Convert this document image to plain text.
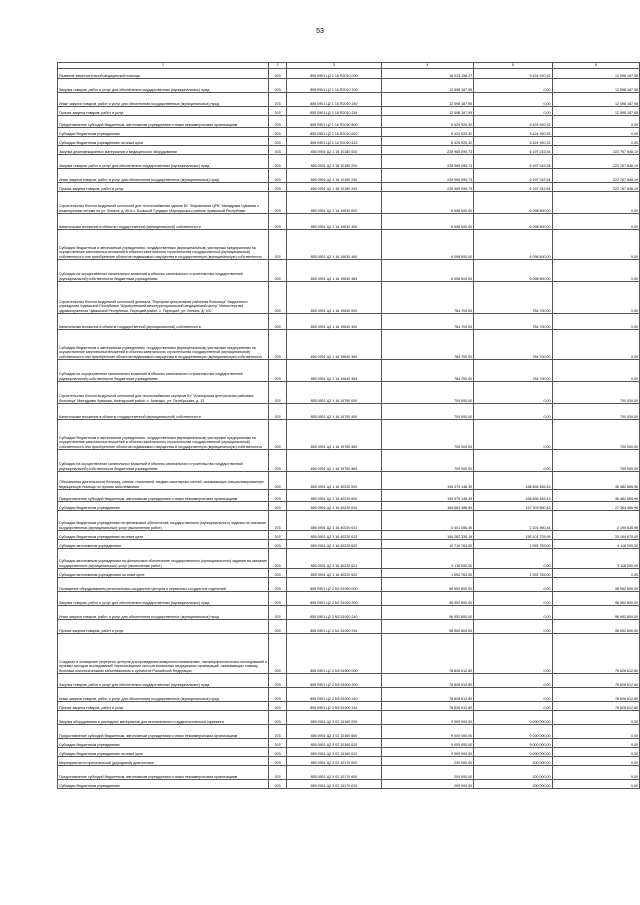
53
1	2	3	4	5	6
Развитие заместительной медицинской помощи	203	855 0901 Ц2 1 16 R2010 000	18 023 158,27	5 424 920,32	12 598 187,95
Закупка товаров, работ и услуг для обеспечения государственных (муниципальных) нужд	203	855 0901 Ц2 1 16 R2010 200	12 598 187,95	0,00	12 598 187,95
Иные закупки товаров, работ и услуг для обеспечения государственных (муниципальных) нужд	203	855 0901 Ц2 1 16 R2010 240	12 598 187,95	0,00	12 598 187,95
Прочая закупка товаров, работ и услуг	203	855 0901 Ц2 1 16 R2010 244	12 598 187,95	0,00	12 598 187,95
Предоставление субсидий бюджетным, автономным учреждениям и иным некоммерческим организациям	203	855 0901 Ц2 1 16 R2010 600	5 424 920,32	5 424 920,32	0,00
Субсидии бюджетным учреждениям	203	855 0901 Ц2 1 16 R2010 610	5 424 920,32	5 424 920,32	0,00
Субсидии бюджетным учреждениям на иные цели	203	855 0901 Ц2 1 16 R2010 612	5 424 920,32	5 424 920,32	0,00
Закупка дезинфекционных материалов и медицинского оборудования	203	855 0901 Ц2 1 16 10180 000	228 965 090,73	6 197 242,54	222 767 848,19
Закупка товаров, работ и услуг для обеспечения государственных (муниципальных) нужд	203	855 0901 Ц2 1 16 10180 200	228 965 090,73	6 197 242,54	222 767 848,19
Иные закупки товаров, работ и услуг для обеспечения государственных (муниципальных) нужд	203	855 0901 Ц2 1 16 10180 240	228 965 090,73	6 197 242,54	222 767 848,19
Прочая закупка товаров, работ и услуг	203	855 0901 Ц2 1 16 10180 244	228 965 090,73	6 197 242,54	222 767 848,19
Строительство блочно-модульной котельной для теплоснабжения здания БУ "Мариинская ЦРБ" Минздрава Чувашии с инженерными сетями по ул. Ленина, д. 85 в с. Большой Сундырь Моргаушского района Чувашской Республики	203	855 0901 Ц2 1 16 19630 000	6 098 500,00	6 098 500,00	0,00
Капитальные вложения в объекты государственной (муниципальной) собственности	203	855 0901 Ц2 1 16 19630 400	6 098 500,00	6 098 500,00	0,00
Субсидии бюджетным и автономным учреждениям, государственным (муниципальным) унитарным предприятиям на осуществление капитальных вложений в объекты капитального строительства государственной (муниципальной) собственности или приобретение объектов недвижимого имущества в государственную (муниципальную) собственность	203	855 0901 Ц2 1 16 19630 460	6 098 500,00	6 098 500,00	0,00
Субсидии на осуществление капитальных вложений в объекты капитального строительства государственной (муниципальной) собственности бюджетным учреждениям	203	855 0901 Ц2 1 16 19630 464	6 098 500,00	6 098 500,00	0,00
Строительство блочно-модульной котельной филиала "Порецкая центральная районная больница" бюджетного учреждения Чувашской Республики "Шумерлинский межтерриториальный медицинский центр" Министерства здравоохранения Чувашской Республики, Порецкий район, с. Порецкое, ул. Ленина, д. 100	203	855 0901 Ц2 1 16 19640 000	784 700,00	784 700,00	0,00
Капитальные вложения в объекты государственной (муниципальной) собственности	203	855 0901 Ц2 1 16 19640 400	784 700,00	784 700,00	0,00
Субсидии бюджетным и автономным учреждениям, государственным (муниципальным) унитарным предприятиям на осуществление капитальных вложений в объекты капитального строительства государственной (муниципальной) собственности или приобретение объектов недвижимого имущества в государственную (муниципальную) собственность	203	855 0901 Ц2 1 16 19640 460	784 700,00	784 700,00	0,00
Субсидии на осуществление капитальных вложений в объекты капитального строительства государственной (муниципальной) собственности бюджетным учреждениям	203	855 0901 Ц2 1 16 19640 464	784 700,00	784 700,00	0,00
Строительство блочно-модульной котельной для теплоснабжения корпусов БУ "Алатырская центральная районная больница" Минздрава Чувашии, Алатырский район, с. Алатырь, ул. Октябрьская, д. 12	203	855 0901 Ц2 1 16 19750 000	700 000,00	0,00	700 000,00
Капитальные вложения в объекты государственной (муниципальной) собственности	203	855 0901 Ц2 1 16 19750 400	700 000,00	0,00	700 000,00
Субсидии бюджетным и автономным учреждениям, государственным (муниципальным) унитарным предприятиям на осуществление капитальных вложений в объекты капитального строительства государственной (муниципальной) собственности или приобретение объектов недвижимого имущества в государственную (муниципальную) собственность	203	855 0901 Ц2 1 16 19750 460	700 000,00	0,00	700 000,00
Субсидии на осуществление капитальных вложений в объекты капитального строительства государственной (муниципальной) собственности бюджетным учреждениям	203	855 0901 Ц2 1 16 19750 464	700 000,00	0,00	700 000,00
Обеспечение деятельности больниц, клиник, госпиталей, медико-санитарных частей, оказывающих специализированную медицинскую помощь по прочим заболеваниям	203	855 0901 Ц2 1 16 40220 000	195 379 148,39	158 896 483,43	36 482 665,96
Предоставление субсидий бюджетным, автономным учреждениям и иным некоммерческим организациям	203	855 0901 Ц2 1 16 40220 600	195 379 148,39	158 896 483,43	36 482 665,96
Субсидии бюджетным учреждениям	203	855 0901 Ц2 1 16 40220 610	184 663 386,59	157 303 560,43	27 364 466,96
Субсидии бюджетным учреждениям на финансовое обеспечение государственного (муниципального) задания на оказание государственных (муниципальных) услуг (выполнение работ)	203	855 0901 Ц2 1 16 40220 611	4 401 056,40	2 201 960,44	2 199 635,96
Субсидии бюджетным учреждениям на иные цели	203	855 0901 Ц2 1 16 40220 612	180 262 330,19	155 101 729,99	25 164 670,00
Субсидии автономным учреждениям	203	855 0901 Ц2 1 16 40220 620	10 710 763,00	1 592 763,00	9 118 000,00
Субсидии автономным учреждениям на финансовое обеспечение государственного (муниципального) задания на оказание государственных (муниципальных) услуг (выполнение работ)	203	855 0901 Ц2 1 16 40220 621	9 118 000,00	0,00	9 118 000,00
Субсидии автономным учреждениям на иные цели	203	855 0901 Ц2 1 16 40220 622	1 592 763,00	1 592 763,00	0,00
Оснащение оборудованием региональных сосудистых центров и первичных сосудистых отделений	203	855 0901 Ц2 2 N2 51920 000	96 952 800,00	0,00	96 952 800,00
Закупка товаров, работ и услуг для обеспечения государственных (муниципальных) нужд	203	855 0901 Ц2 2 N2 51920 200	96 952 800,00	0,00	96 952 800,00
Иные закупки товаров, работ и услуг для обеспечения государственных (муниципальных) нужд	203	855 0901 Ц2 2 N2 51920 240	96 952 800,00	0,00	96 952 800,00
Прочая закупка товаров, работ и услуг	203	855 0901 Ц2 2 N2 51920 244	96 952 800,00	0,00	96 952 800,00
Создание и оснащение референс-центров для проведения иммуногистохимических, патоморфологических исследований и лучевых методов исследований, переоснащение сети региональных медицинских организаций, оказывающих помощь больным онкологическими заболеваниями в субъектах Российской Федерации	203	855 0901 Ц2 2 N3 51900 000	78 826 612,80	0,00	78 826 612,80
Закупка товаров, работ и услуг для обеспечения государственных (муниципальных) нужд	203	855 0901 Ц2 2 N3 51900 200	78 826 612,80	0,00	78 826 612,80
Иные закупки товаров, работ и услуг для обеспечения государственных (муниципальных) нужд	203	855 0901 Ц2 2 N3 51900 240	78 826 612,80	0,00	78 826 612,80
Прочая закупка товаров, работ и услуг	203	855 0901 Ц2 2 N3 51900 244	78 826 612,80	0,00	78 826 612,80
Закупка оборудования и расходных материалов для неонатального и аудиологического скрининга	203	855 0901 Ц2 3 02 10160 000	9 000 000,00	9 000 000,00	0,00
Предоставление субсидий бюджетным, автономным учреждениям и иным некоммерческим организациям	203	855 0901 Ц2 3 02 10160 600	9 000 000,00	9 000 000,00	0,00
Субсидии бюджетным учреждениям	203	855 0901 Ц2 3 02 10160 610	9 000 000,00	9 000 000,00	0,00
Субсидии бюджетным учреждениям на иные цели	203	855 0901 Ц2 3 02 10160 612	9 000 000,00	9 000 000,00	0,00
Мероприятия по пренатальной (дородовой) диагностике	203	855 0901 Ц2 3 02 10170 000	200 000,00	200 000,00	0,00
Предоставление субсидий бюджетным, автономным учреждениям и иным некоммерческим организациям	203	855 0901 Ц2 3 02 10170 600	200 000,00	200 000,00	0,00
Субсидии бюджетным учреждениям	203	855 0901 Ц2 3 02 10170 610	200 000,00	200 000,00	0,00
